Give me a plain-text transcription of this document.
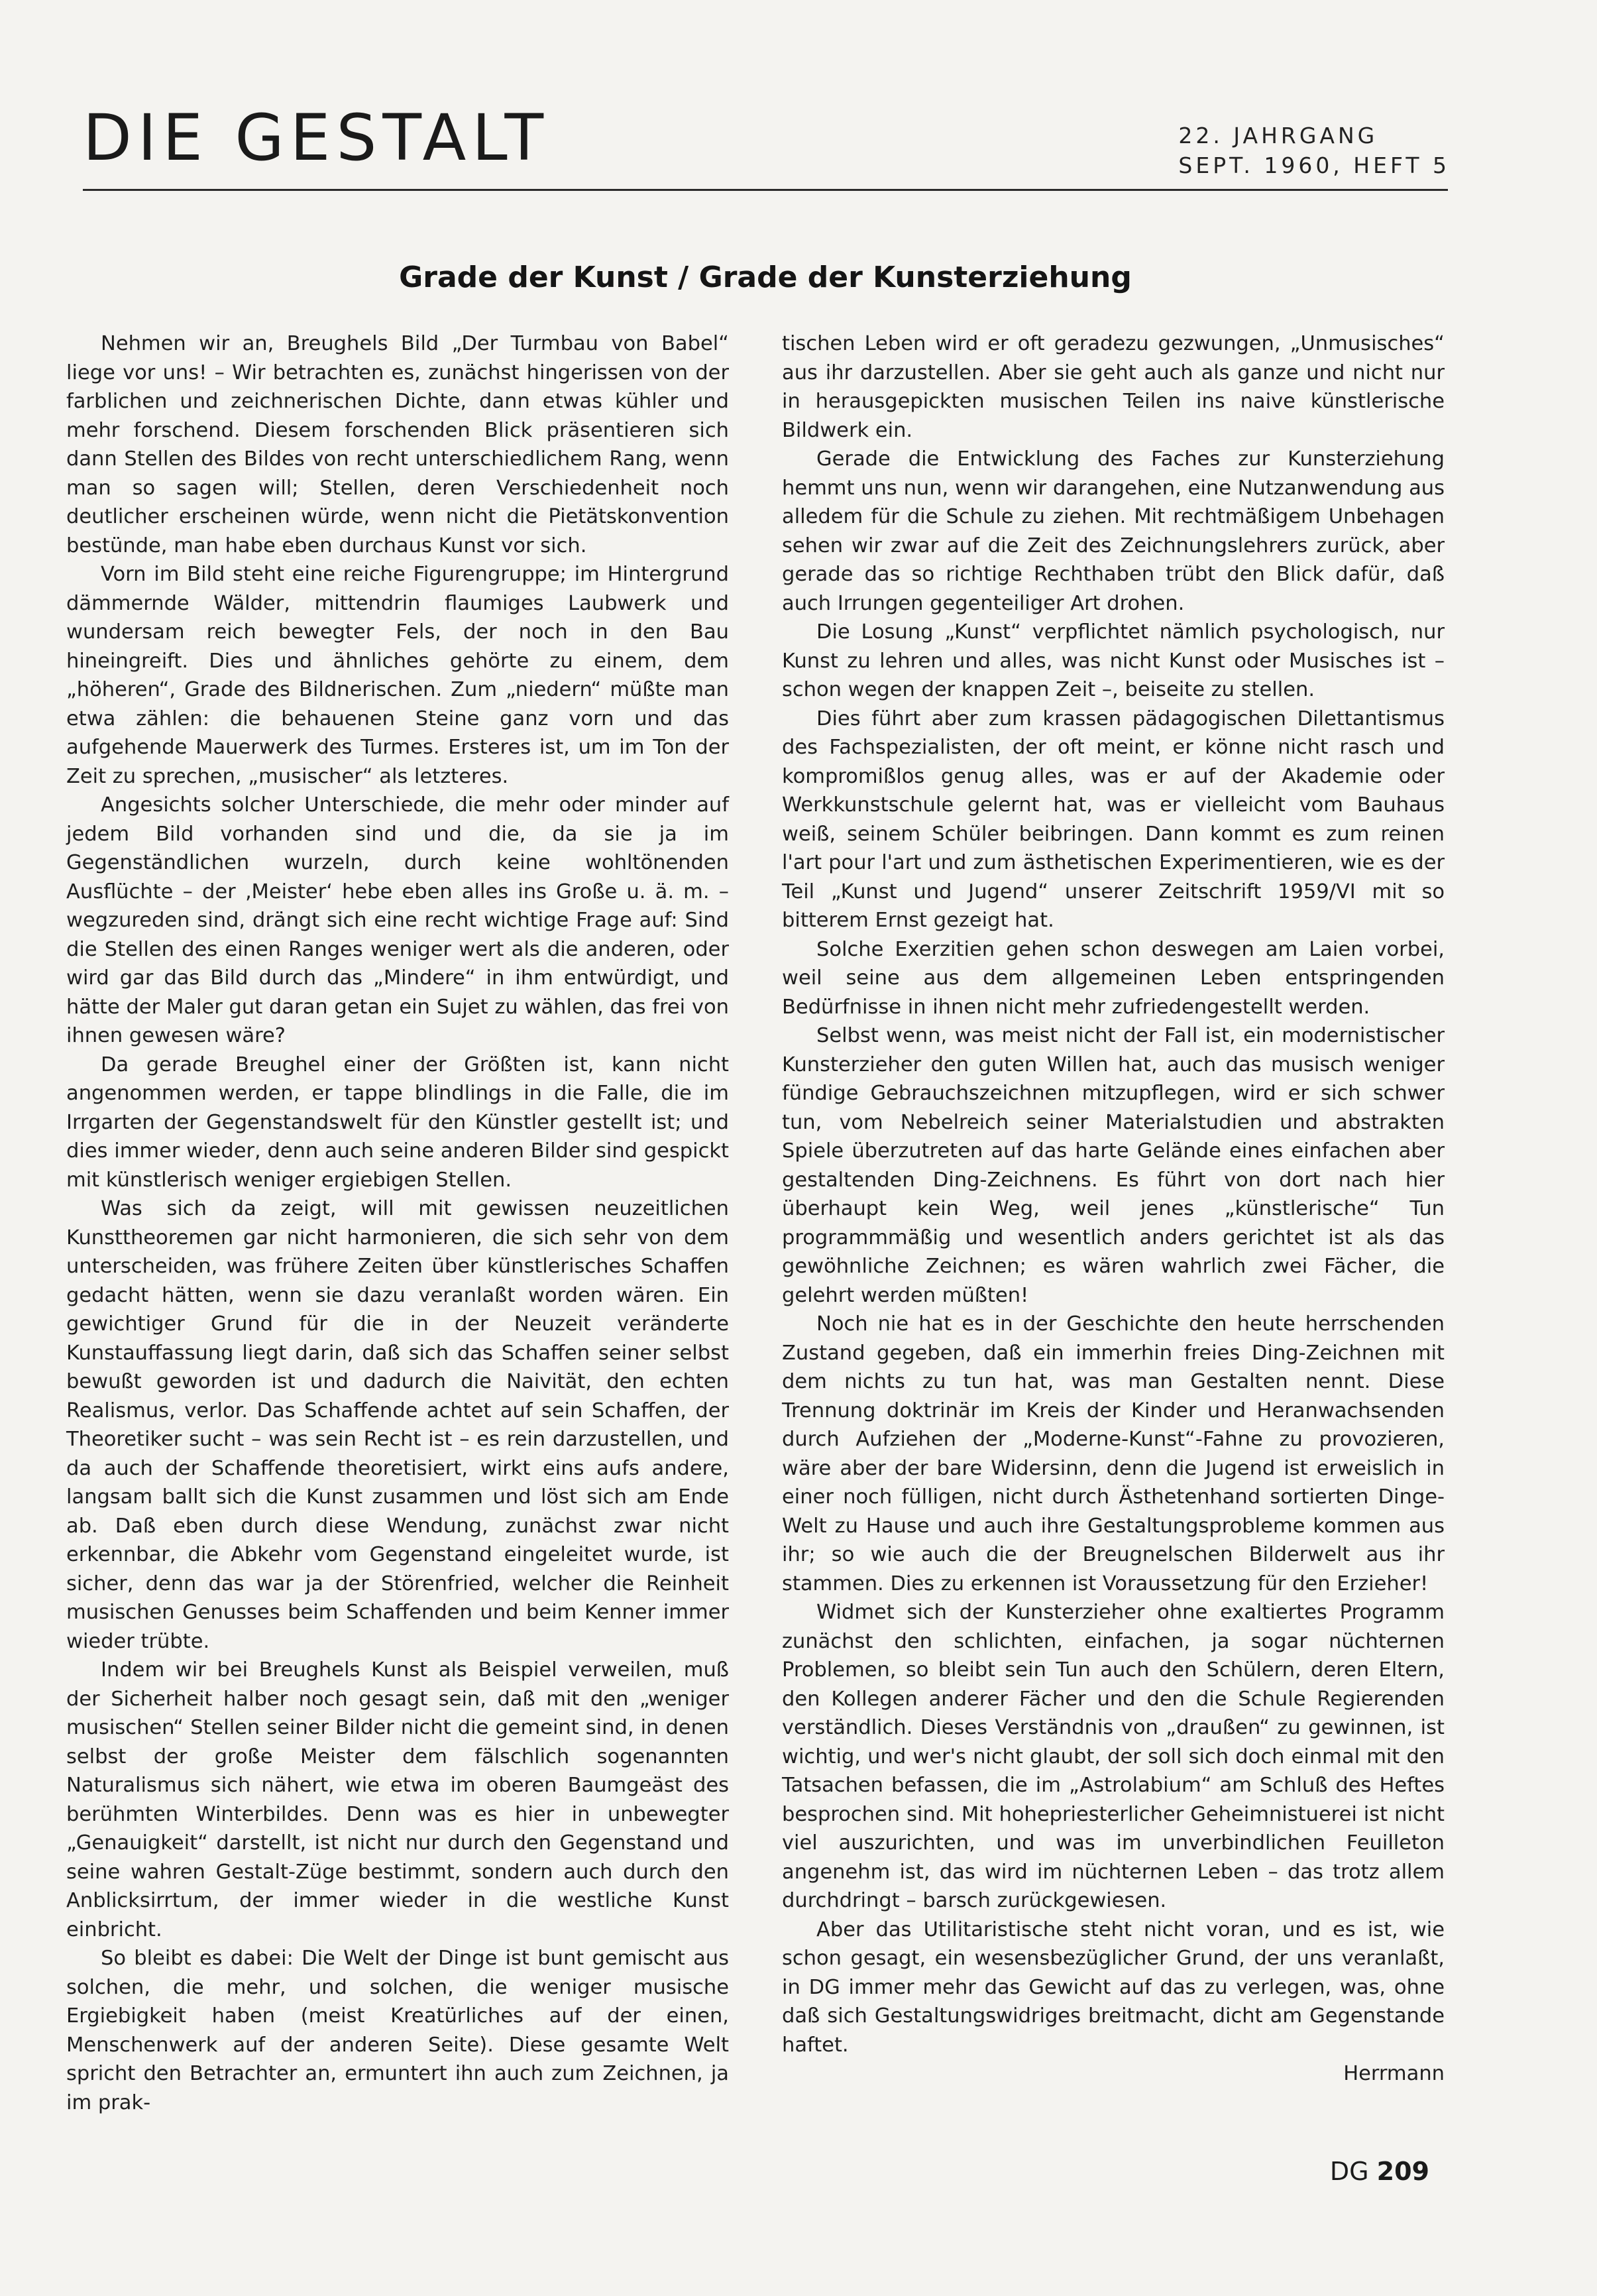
DIE GESTALT	22. JAHRGANG
SEPT. 1960, HEFT 5
Grade der Kunst / Grade der Kunsterziehung

Nehmen wir an, Breughels Bild „Der Turmbau von Babel“ liege vor uns! – Wir betrachten es, zunächst hingerissen von der farblichen und zeichnerischen Dichte, dann etwas kühler und mehr forschend. Diesem forschenden Blick präsentieren sich dann Stellen des Bildes von recht unterschiedlichem Rang, wenn man so sagen will; Stellen, deren Verschiedenheit noch deutlicher erscheinen würde, wenn nicht die Pietätskonvention bestünde, man habe eben durchaus Kunst vor sich.

Vorn im Bild steht eine reiche Figurengruppe; im Hintergrund dämmernde Wälder, mittendrin flaumiges Laubwerk und wundersam reich bewegter Fels, der noch in den Bau hineingreift. Dies und ähnliches gehörte zu einem, dem „höheren“, Grade des Bildnerischen. Zum „niedern“ müßte man etwa zählen: die behauenen Steine ganz vorn und das aufgehende Mauerwerk des Turmes. Ersteres ist, um im Ton der Zeit zu sprechen, „musischer“ als letzteres.

Angesichts solcher Unterschiede, die mehr oder minder auf jedem Bild vorhanden sind und die, da sie ja im Gegenständlichen wurzeln, durch keine wohltönenden Ausflüchte – der ‚Meister‘ hebe eben alles ins Große u. ä. m. – wegzureden sind, drängt sich eine recht wichtige Frage auf: Sind die Stellen des einen Ranges weniger wert als die anderen, oder wird gar das Bild durch das „Mindere“ in ihm entwürdigt, und hätte der Maler gut daran getan ein Sujet zu wählen, das frei von ihnen gewesen wäre?

Da gerade Breughel einer der Größten ist, kann nicht angenommen werden, er tappe blindlings in die Falle, die im Irrgarten der Gegenstandswelt für den Künstler gestellt ist; und dies immer wieder, denn auch seine anderen Bilder sind gespickt mit künstlerisch weniger ergiebigen Stellen.

Was sich da zeigt, will mit gewissen neuzeitlichen Kunsttheoremen gar nicht harmonieren, die sich sehr von dem unterscheiden, was frühere Zeiten über künstlerisches Schaffen gedacht hätten, wenn sie dazu veranlaßt worden wären. Ein gewichtiger Grund für die in der Neuzeit veränderte Kunstauffassung liegt darin, daß sich das Schaffen seiner selbst bewußt geworden ist und dadurch die Naivität, den echten Realismus, verlor. Das Schaffende achtet auf sein Schaffen, der Theoretiker sucht – was sein Recht ist – es rein darzustellen, und da auch der Schaffende theoretisiert, wirkt eins aufs andere, langsam ballt sich die Kunst zusammen und löst sich am Ende ab. Daß eben durch diese Wendung, zunächst zwar nicht erkennbar, die Abkehr vom Gegenstand eingeleitet wurde, ist sicher, denn das war ja der Störenfried, welcher die Reinheit musischen Genusses beim Schaffenden und beim Kenner immer wieder trübte.

Indem wir bei Breughels Kunst als Beispiel verweilen, muß der Sicherheit halber noch gesagt sein, daß mit den „weniger musischen“ Stellen seiner Bilder nicht die gemeint sind, in denen selbst der große Meister dem fälschlich sogenannten Naturalismus sich nähert, wie etwa im oberen Baumgeäst des berühmten Winterbildes. Denn was es hier in unbewegter „Genauigkeit“ darstellt, ist nicht nur durch den Gegenstand und seine wahren Gestalt-Züge bestimmt, sondern auch durch den Anblicksirrtum, der immer wieder in die westliche Kunst einbricht.

So bleibt es dabei: Die Welt der Dinge ist bunt gemischt aus solchen, die mehr, und solchen, die weniger musische Ergiebigkeit haben (meist Kreatürliches auf der einen, Menschenwerk auf der anderen Seite). Diese gesamte Welt spricht den Betrachter an, ermuntert ihn auch zum Zeichnen, ja im prak-

tischen Leben wird er oft geradezu gezwungen, „Unmusisches“ aus ihr darzustellen. Aber sie geht auch als ganze und nicht nur in herausgepickten musischen Teilen ins naive künstlerische Bildwerk ein.

Gerade die Entwicklung des Faches zur Kunsterziehung hemmt uns nun, wenn wir darangehen, eine Nutzanwendung aus alledem für die Schule zu ziehen. Mit rechtmäßigem Unbehagen sehen wir zwar auf die Zeit des Zeichnungslehrers zurück, aber gerade das so richtige Rechthaben trübt den Blick dafür, daß auch Irrungen gegenteiliger Art drohen.

Die Losung „Kunst“ verpflichtet nämlich psychologisch, nur Kunst zu lehren und alles, was nicht Kunst oder Musisches ist – schon wegen der knappen Zeit –, beiseite zu stellen.

Dies führt aber zum krassen pädagogischen Dilettantismus des Fachspezialisten, der oft meint, er könne nicht rasch und kompromißlos genug alles, was er auf der Akademie oder Werkkunstschule gelernt hat, was er vielleicht vom Bauhaus weiß, seinem Schüler beibringen. Dann kommt es zum reinen l'art pour l'art und zum ästhetischen Experimentieren, wie es der Teil „Kunst und Jugend“ unserer Zeitschrift 1959/VI mit so bitterem Ernst gezeigt hat.

Solche Exerzitien gehen schon deswegen am Laien vorbei, weil seine aus dem allgemeinen Leben entspringenden Bedürfnisse in ihnen nicht mehr zufriedengestellt werden.

Selbst wenn, was meist nicht der Fall ist, ein modernistischer Kunsterzieher den guten Willen hat, auch das musisch weniger fündige Gebrauchszeichnen mitzupflegen, wird er sich schwer tun, vom Nebelreich seiner Materialstudien und abstrakten Spiele überzutreten auf das harte Gelände eines einfachen aber gestaltenden Ding-Zeichnens. Es führt von dort nach hier überhaupt kein Weg, weil jenes „künstlerische“ Tun programmmäßig und wesentlich anders gerichtet ist als das gewöhnliche Zeichnen; es wären wahrlich zwei Fächer, die gelehrt werden müßten!

Noch nie hat es in der Geschichte den heute herrschenden Zustand gegeben, daß ein immerhin freies Ding-Zeichnen mit dem nichts zu tun hat, was man Gestalten nennt. Diese Trennung doktrinär im Kreis der Kinder und Heranwachsenden durch Aufziehen der „Moderne-Kunst“-Fahne zu provozieren, wäre aber der bare Widersinn, denn die Jugend ist erweislich in einer noch fülligen, nicht durch Ästhetenhand sortierten Dinge-Welt zu Hause und auch ihre Gestaltungsprobleme kommen aus ihr; so wie auch die der Breugnelschen Bilderwelt aus ihr stammen. Dies zu erkennen ist Voraussetzung für den Erzieher!

Widmet sich der Kunsterzieher ohne exaltiertes Programm zunächst den schlichten, einfachen, ja sogar nüchternen Problemen, so bleibt sein Tun auch den Schülern, deren Eltern, den Kollegen anderer Fächer und den die Schule Regierenden verständlich. Dieses Verständnis von „draußen“ zu gewinnen, ist wichtig, und wer's nicht glaubt, der soll sich doch einmal mit den Tatsachen befassen, die im „Astrolabium“ am Schluß des Heftes besprochen sind. Mit hohepriesterlicher Geheimnistuerei ist nicht viel auszurichten, und was im unverbindlichen Feuilleton angenehm ist, das wird im nüchternen Leben – das trotz allem durchdringt – barsch zurückgewiesen.

Aber das Utilitaristische steht nicht voran, und es ist, wie schon gesagt, ein wesensbezüglicher Grund, der uns veranlaßt, in DG immer mehr das Gewicht auf das zu verlegen, was, ohne daß sich Gestaltungswidriges breitmacht, dicht am Gegenstande haftet.

Herrmann

DG 209
